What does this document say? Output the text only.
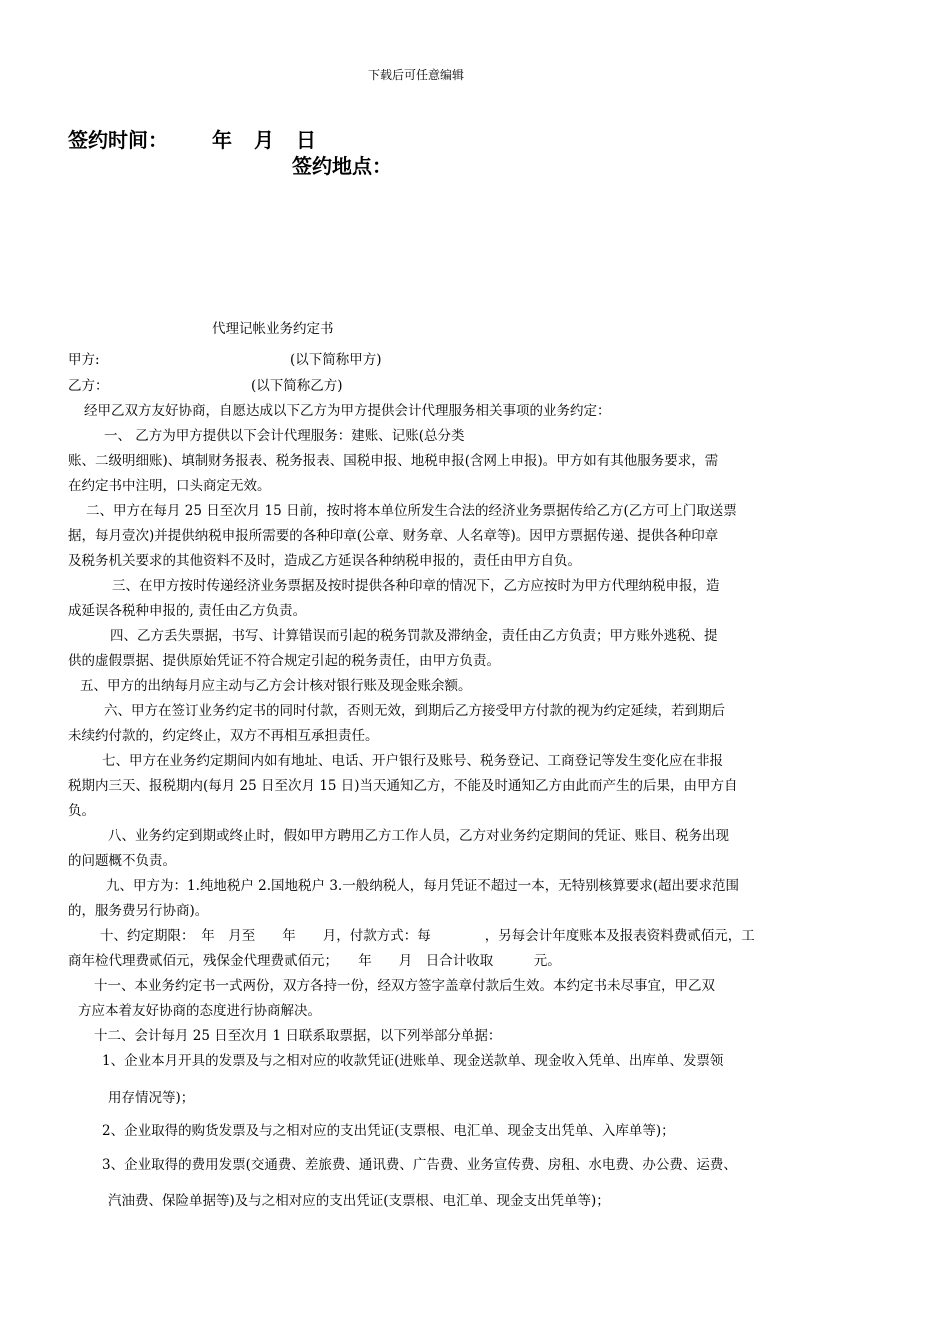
下载后可任意编辑
签约时间： 年 月 日
签约地点：
代理记帐业务约定书
甲方:	(以下简称甲方)
乙方：	(以下简称乙方)
经甲乙双方友好协商，自愿达成以下乙方为甲方提供会计代理服务相关事项的业务约定：
一、 乙方为甲方提供以下会计代理服务：建账、记账(总分类
账、二级明细账)、填制财务报表、税务报表、国税申报、地税申报(含网上申报)。甲方如有其他服务要求，需
在约定书中注明，口头商定无效。
二、甲方在每月 25 日至次月 15 日前，按时将本单位所发生合法的经济业务票据传给乙方(乙方可上门取送票
据，每月壹次)并提供纳税申报所需要的各种印章(公章、财务章、人名章等)。因甲方票据传递、提供各种印章
及税务机关要求的其他资料不及时，造成乙方延误各种纳税申报的，责任由甲方自负。
三、在甲方按时传递经济业务票据及按时提供各种印章的情况下，乙方应按时为甲方代理纳税申报，造
成延误各税种申报的, 责任由乙方负责。
四、乙方丢失票据，书写、计算错误而引起的税务罚款及滞纳金，责任由乙方负责；甲方账外逃税、提
供的虚假票据、提供原始凭证不符合规定引起的税务责任，由甲方负责。
五、甲方的出纳每月应主动与乙方会计核对银行账及现金账余额。
六、甲方在签订业务约定书的同时付款，否则无效，到期后乙方接受甲方付款的视为约定延续，若到期后
未续约付款的，约定终止，双方不再相互承担责任。
七、甲方在业务约定期间内如有地址、电话、开户银行及账号、税务登记、工商登记等发生变化应在非报
税期内三天、报税期内(每月 25 日至次月 15 日)当天通知乙方，不能及时通知乙方由此而产生的后果，由甲方自
负。
八、业务约定到期或终止时，假如甲方聘用乙方工作人员，乙方对业务约定期间的凭证、账目、税务出现
的问题概不负责。
九、甲方为：1.纯地税户 2.国地税户 3.一般纳税人，每月凭证不超过一本，无特别核算要求(超出要求范围
的，服务费另行协商)。
十、约定期限：　年　月至　　年　　月，付款方式：每　　　　，另每会计年度账本及报表资料费贰佰元，工
商年检代理费贰佰元，残保金代理费贰佰元；　　年　　月　日合计收取　　　元。
十一、本业务约定书一式两份，双方各持一份，经双方签字盖章付款后生效。本约定书未尽事宜，甲乙双
方应本着友好协商的态度进行协商解决。
十二、会计每月 25 日至次月 1 日联系取票据，以下列举部分单据：
1、企业本月开具的发票及与之相对应的收款凭证(进账单、现金送款单、现金收入凭单、出库单、发票领
用存情况等)；
2、企业取得的购货发票及与之相对应的支出凭证(支票根、电汇单、现金支出凭单、入库单等)；
3、企业取得的费用发票(交通费、差旅费、通讯费、广告费、业务宣传费、房租、水电费、办公费、运费、
汽油费、保险单据等)及与之相对应的支出凭证(支票根、电汇单、现金支出凭单等)；
